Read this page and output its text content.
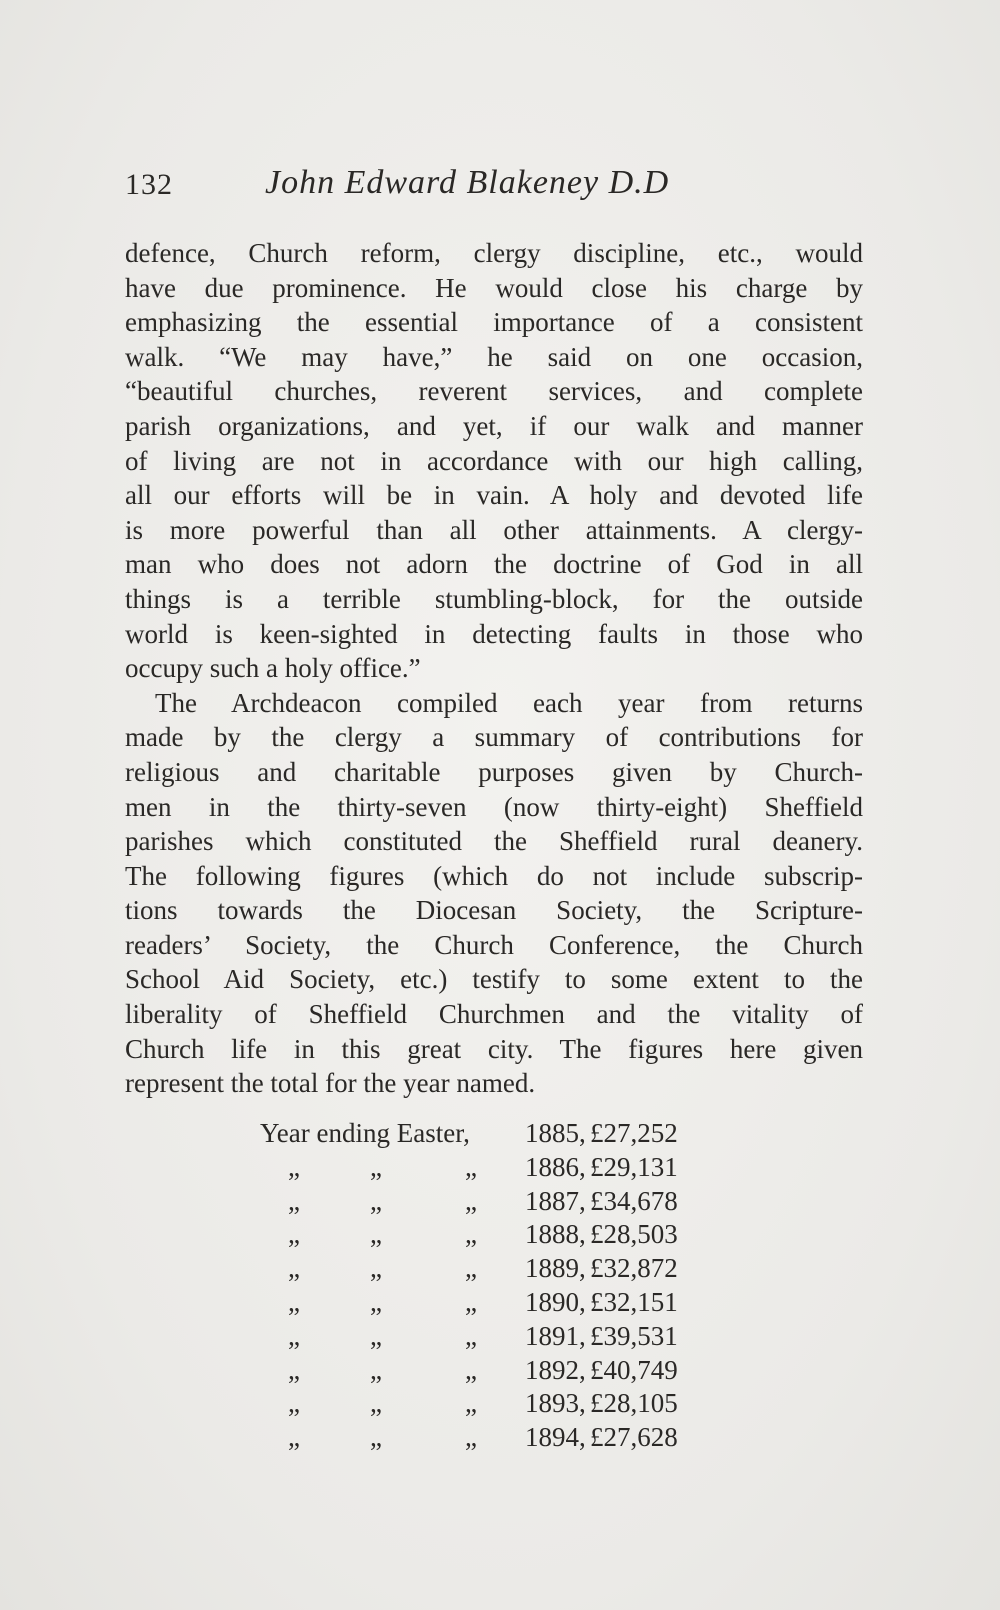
132	John Edward Blakeney D.D

defence, Church reform, clergy discipline, etc., would

have due prominence. He would close his charge by

emphasizing the essential importance of a consistent

walk. “We may have,” he said on one occasion,

“beautiful churches, reverent services, and complete

parish organizations, and yet, if our walk and manner

of living are not in accordance with our high calling,

all our efforts will be in vain. A holy and devoted life

is more powerful than all other attainments. A clergy-

man who does not adorn the doctrine of God in all

things is a terrible stumbling-block, for the outside

world is keen-sighted in detecting faults in those who

occupy such a holy office.”

The Archdeacon compiled each year from returns

made by the clergy a summary of contributions for

religious and charitable purposes given by Church-

men in the thirty-seven (now thirty-eight) Sheffield

parishes which constituted the Sheffield rural deanery.

The following figures (which do not include subscrip-

tions towards the Diocesan Society, the Scripture-

readers’ Society, the Church Conference, the Church

School Aid Society, etc.) testify to some extent to the

liberality of Sheffield Churchmen and the vitality of

Church life in this great city. The figures here given

represent the total for the year named.

Year ending Easter, 1885, £27,252
„	„	„ 1886, £29,131
„	„	„ 1887, £34,678
„	„	„ 1888, £28,503
„	„	„ 1889, £32,872
„	„	„ 1890, £32,151
„	„	„ 1891, £39,531
„	„	„ 1892, £40,749
„	„	„ 1893, £28,105
„	„	„ 1894, £27,628
